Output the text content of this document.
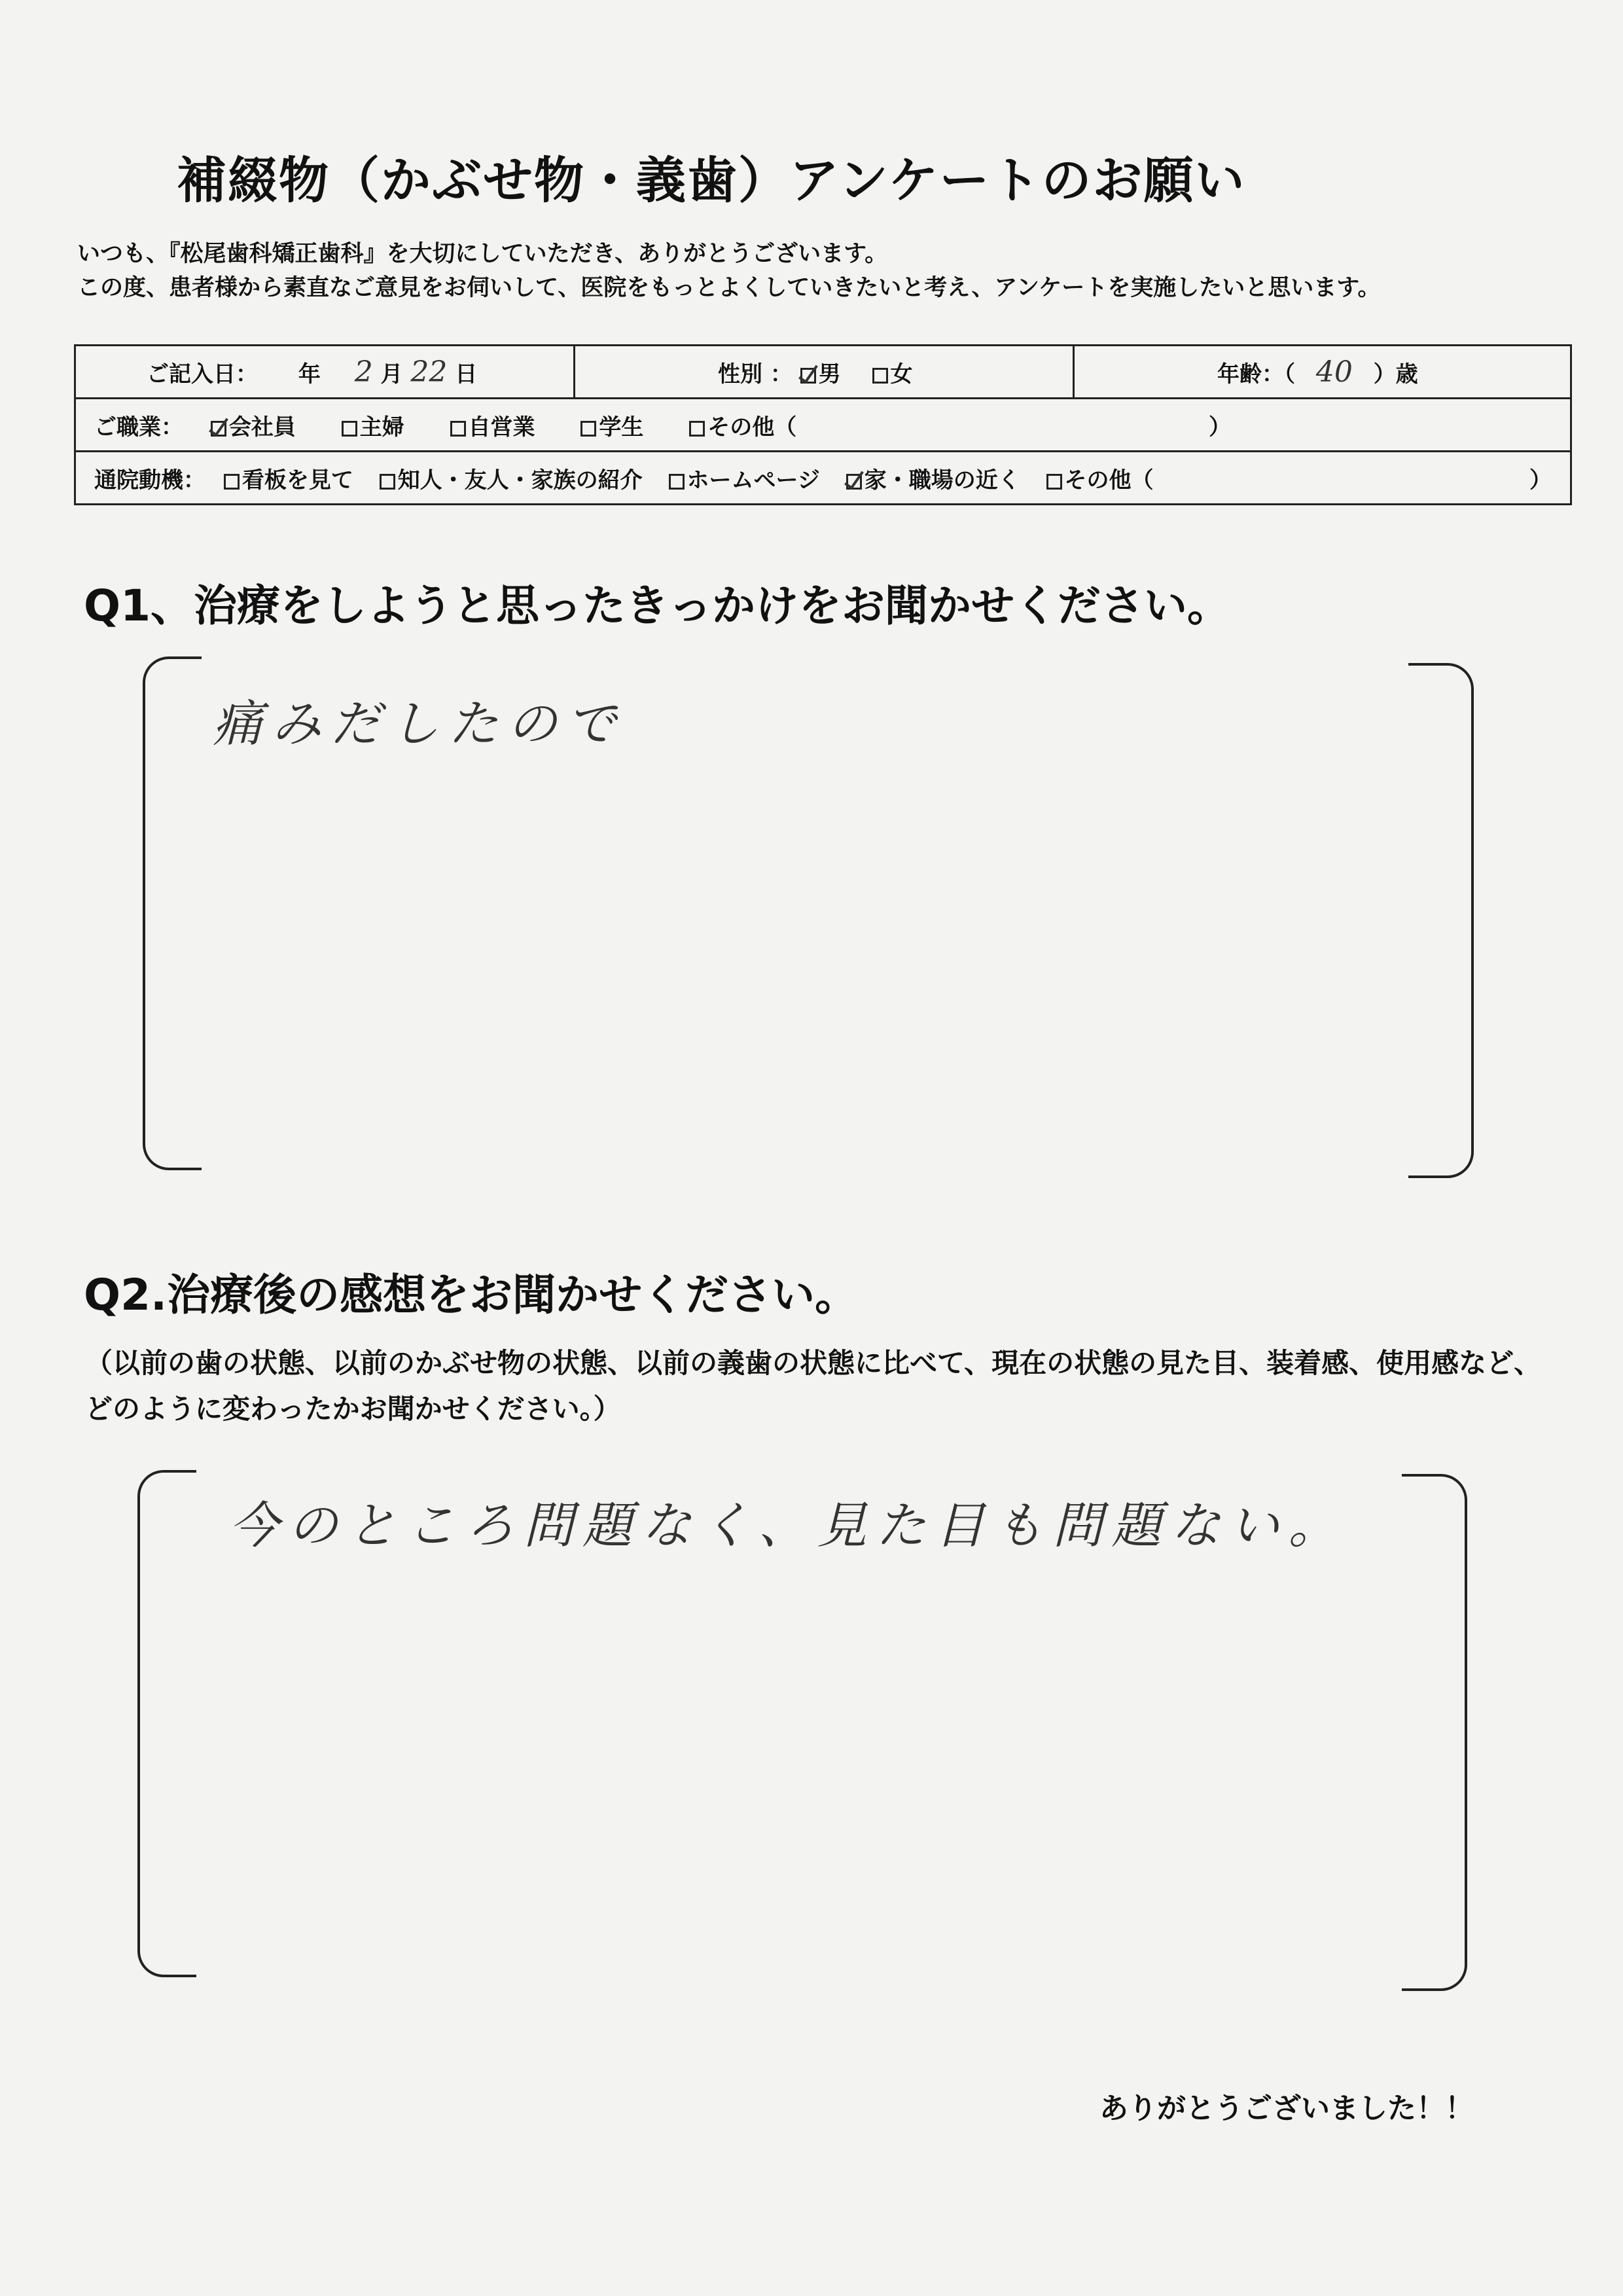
補綴物（かぶせ物・義歯）アンケートのお願い
いつも、『松尾歯科矯正歯科』を大切にしていただき、ありがとうございます。
この度、患者様から素直なご意見をお伺いして、医院をもっとよくしていきたいと考え、アンケートを実施したいと思います。
ご記入日： 年 2 月 22 日	性別 ： 男 女	年齢：（ 40 ）歳

ご職業： 会社員	主婦	自営業	学生	その他（	）

通院動機： 看板を見て 知人・友人・家族の紹介 ホームページ 家・職場の近く その他（	）
Q1、治療をしようと思ったきっかけをお聞かせください。
痛みだしたので
Q2.治療後の感想をお聞かせください。
（以前の歯の状態、以前のかぶせ物の状態、以前の義歯の状態に比べて、現在の状態の見た目、装着感、使用感など、どのように変わったかお聞かせください。）
今のところ問題なく、見た目も問題ない。
ありがとうございました！！
